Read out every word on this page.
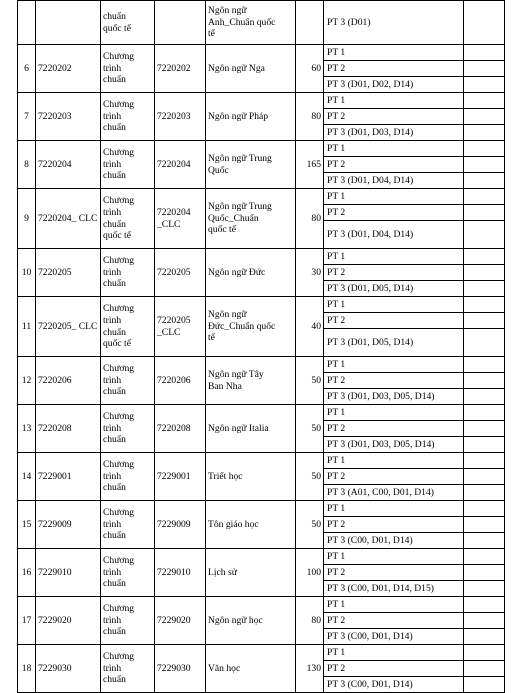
		chuẩn
quốc tế		Ngôn ngữ
Anh_Chuẩn quốc
tế		PT 3 (D01)	

6	7220202	Chương
trình
chuẩn	7220202	Ngôn ngữ Nga	60	PT 1	
						PT 2	
						PT 3 (D01, D02, D14)	
7	7220203	Chương
trình
chuẩn	7220203	Ngôn ngữ Pháp	80	PT 1	
						PT 2	
						PT 3 (D01, D03, D14)	
8	7220204	Chương
trình
chuẩn	7220204	Ngôn ngữ Trung
Quốc	165	PT 1	
						PT 2	
						PT 3 (D01, D04, D14)	
9	7220204_ CLC	Chương
trình
chuẩn
quốc tế	7220204 _CLC	Ngôn ngữ Trung
Quốc_Chuẩn
quốc tế	80	PT 1	
						PT 2	
						PT 3 (D01, D04, D14)	
10	7220205	Chương
trình
chuẩn	7220205	Ngôn ngữ Đức	30	PT 1	
						PT 2	
						PT 3 (D01, D05, D14)	
11	7220205_ CLC	Chương
trình
chuẩn
quốc tế	7220205 _CLC	Ngôn ngữ
Đức_Chuẩn quốc
tế	40	PT 1	
						PT 2	
						PT 3 (D01, D05, D14)	
12	7220206	Chương
trình
chuẩn	7220206	Ngôn ngữ Tây
Ban Nha	50	PT 1	
						PT 2	
						PT 3 (D01, D03, D05, D14)	
13	7220208	Chương
trình
chuẩn	7220208	Ngôn ngữ Italia	50	PT 1	
						PT 2	
						PT 3 (D01, D03, D05, D14)	
14	7229001	Chương
trình
chuẩn	7229001	Triết học	50	PT 1	
						PT 2	
						PT 3 (A01, C00, D01, D14)	
15	7229009	Chương
trình
chuẩn	7229009	Tôn giáo học	50	PT 1	
						PT 2	
						PT 3 (C00, D01, D14)	
16	7229010	Chương
trình
chuẩn	7229010	Lịch sử	100	PT 1	
						PT 2	
						PT 3 (C00, D01, D14, D15)	
17	7229020	Chương
trình
chuẩn	7229020	Ngôn ngữ học	80	PT 1	
						PT 2	
						PT 3 (C00, D01, D14)	
18	7229030	Chương
trình
chuẩn	7229030	Văn học	130	PT 1	
						PT 2	
						PT 3 (C00, D01, D14)	
